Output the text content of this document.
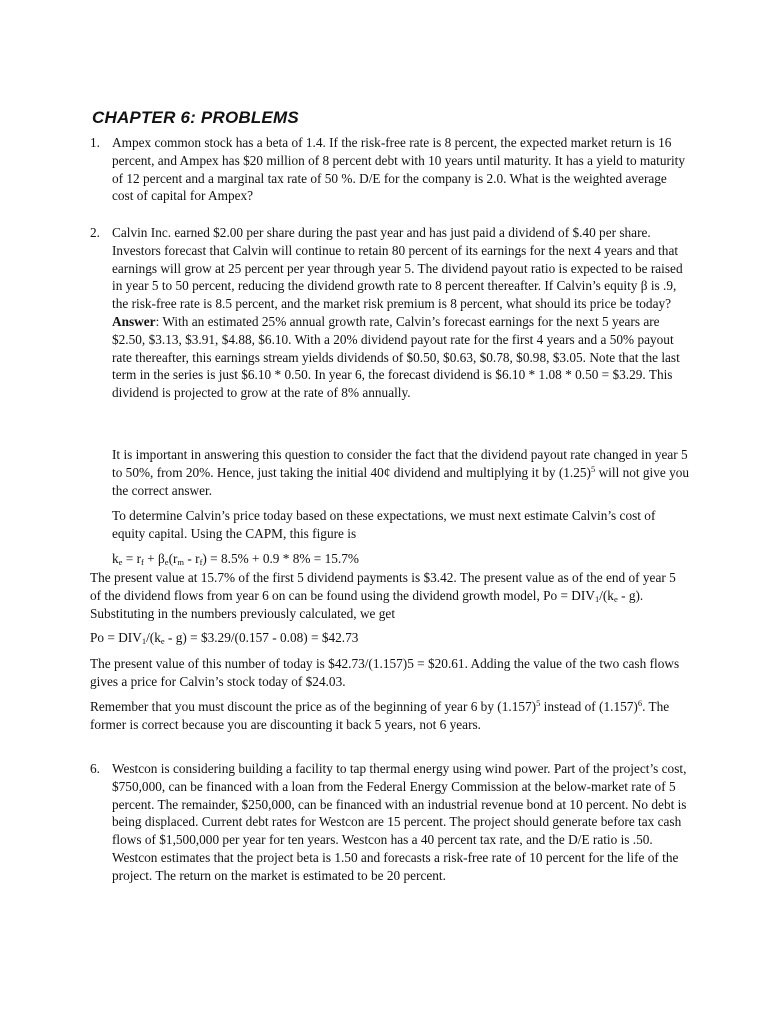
CHAPTER 6: PROBLEMS
1. Ampex common stock has a beta of 1.4. If the risk-free rate is 8 percent, the expected market return is 16 percent, and Ampex has $20 million of 8 percent debt with 10 years until maturity. It has a yield to maturity of 12 percent and a marginal tax rate of 50 %. D/E for the company is 2.0. What is the weighted average cost of capital for Ampex?
2. Calvin Inc. earned $2.00 per share during the past year and has just paid a dividend of $.40 per share. Investors forecast that Calvin will continue to retain 80 percent of its earnings for the next 4 years and that earnings will grow at 25 percent per year through year 5. The dividend payout ratio is expected to be raised in year 5 to 50 percent, reducing the dividend growth rate to 8 percent thereafter. If Calvin’s equity β is .9, the risk-free rate is 8.5 percent, and the market risk premium is 8 percent, what should its price be today?
Answer: With an estimated 25% annual growth rate, Calvin’s forecast earnings for the next 5 years are $2.50, $3.13, $3.91, $4.88, $6.10. With a 20% dividend payout rate for the first 4 years and a 50% payout rate thereafter, this earnings stream yields dividends of $0.50, $0.63, $0.78, $0.98, $3.05. Note that the last term in the series is just $6.10 * 0.50. In year 6, the forecast dividend is $6.10 * 1.08 * 0.50 = $3.29. This dividend is projected to grow at the rate of 8% annually.
It is important in answering this question to consider the fact that the dividend payout rate changed in year 5 to 50%, from 20%. Hence, just taking the initial 40¢ dividend and multiplying it by $(1.25)^5$ will not give you the correct answer.
To determine Calvin’s price today based on these expectations, we must next estimate Calvin’s cost of equity capital. Using the CAPM, this figure is
$k_e = r_f + \beta_e(r_m - r_f) = 8.5\% + 0.9 * 8\% = 15.7\%$
The present value at 15.7% of the first 5 dividend payments is $3.42. The present value as of the end of year 5 of the dividend flows from year 6 on can be found using the dividend growth model, $Po = DIV_1/(k_e - g)$. Substituting in the numbers previously calculated, we get
$Po = DIV_1/(k_e - g)$ = $3.29/(0.157 - 0.08) = $42.73
The present value of this number of today is $42.73/(1.157)5 = $20.61. Adding the value of the two cash flows gives a price for Calvin’s stock today of $24.03.
Remember that you must discount the price as of the beginning of year 6 by $(1.157)^5$ instead of $(1.157)^6$. The former is correct because you are discounting it back 5 years, not 6 years.
6. Westcon is considering building a facility to tap thermal energy using wind power. Part of the project’s cost, $750,000, can be financed with a loan from the Federal Energy Commission at the below-market rate of 5 percent. The remainder, $250,000, can be financed with an industrial revenue bond at 10 percent. No debt is being displaced. Current debt rates for Westcon are 15 percent. The project should generate before tax cash flows of $1,500,000 per year for ten years. Westcon has a 40 percent tax rate, and the D/E ratio is .50. Westcon estimates that the project beta is 1.50 and forecasts a risk-free rate of 10 percent for the life of the project. The return on the market is estimated to be 20 percent.
